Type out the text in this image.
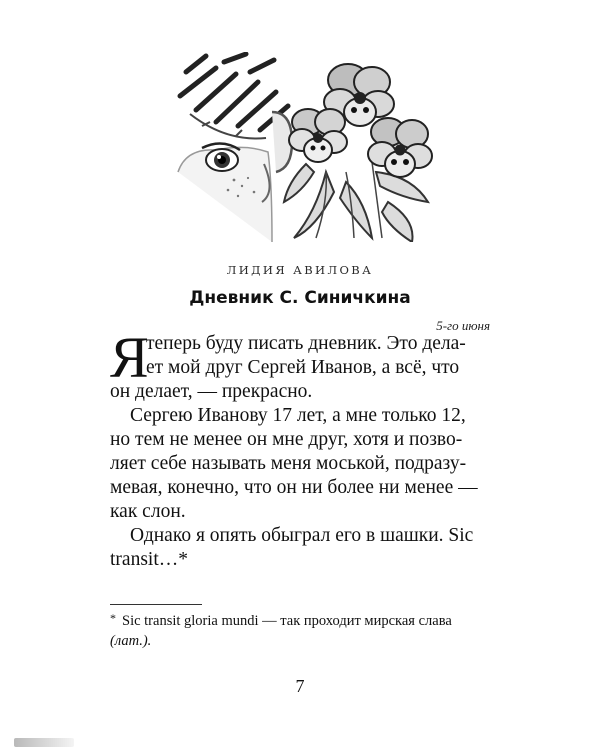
ЛИДИЯ АВИЛОВА
Дневник С. Синичкина
5-го июня
Я
теперь буду писать дневник. Это дела-
ет мой друг Сергей Иванов, а всё, что
он делает, — прекрасно.
Сергею Иванову 17 лет, а мне только 12,
но тем не менее он мне друг, хотя и позво-
ляет себе называть меня моськой, подразу-
мевая, конечно, что он ни более ни менее —
как слон.
Однако я опять обыграл его в шашки. Sic
transit…*
* Sic transit gloria mundi — так проходит мирская слава
(лат.).
7
